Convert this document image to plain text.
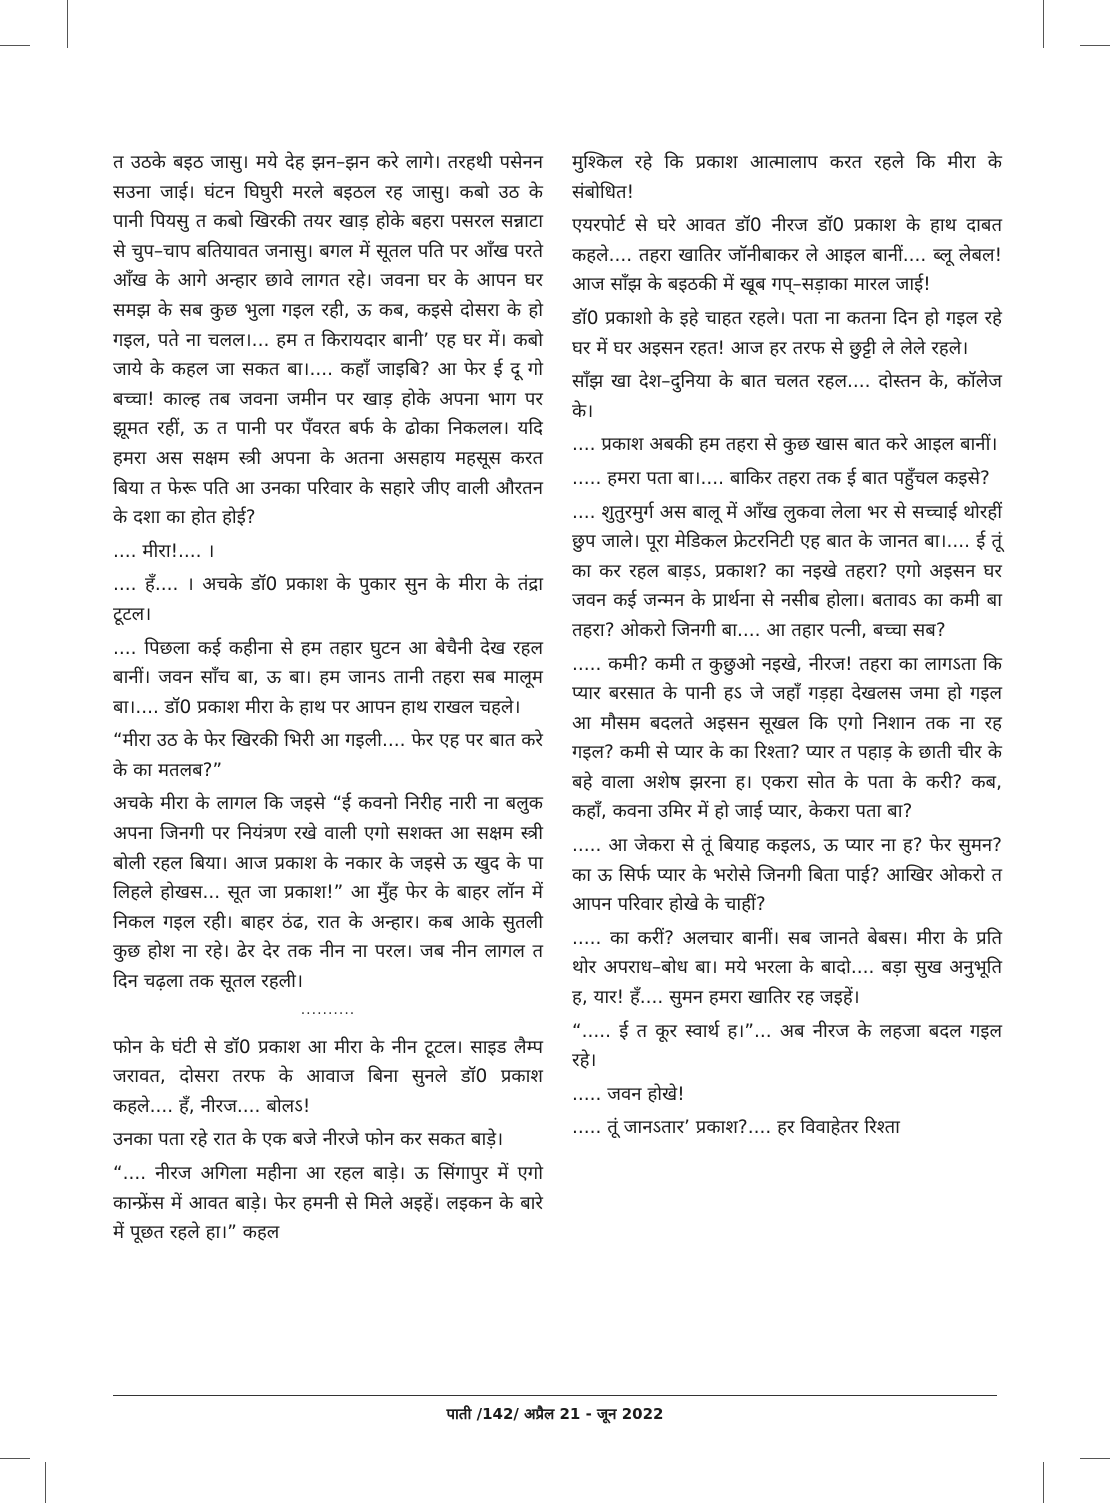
त उठके बइठ जासु। मये देह झन–झन करे लागे। तरहथी पसेनन सउना जाई। घंटन घिघुरी मरले बइठल रह जासु। कबो उठ के पानी पियसु त कबो खिरकी तयर खाड़ होके बहरा पसरल सन्नाटा से चुप–चाप बतियावत जनासु। बगल में सूतल पति पर आँख परते आँख के आगे अन्हार छावे लागत रहे। जवना घर के आपन घर समझ के सब कुछ भुला गइल रही, ऊ कब, कइसे दोसरा के हो गइल, पते ना चलल।... हम त किरायदार बानी’ एह घर में। कबो जाये के कहल जा सकत बा।.... कहाँ जाइबि? आ फेर ई दू गो बच्चा! काल्ह तब जवना जमीन पर खाड़ होके अपना भाग पर झूमत रहीं, ऊ त पानी पर पँवरत बर्फ के ढोका निकलल। यदि हमरा अस सक्षम स्त्री अपना के अतना असहाय महसूस करत बिया त फेरू पति आ उनका परिवार के सहारे जीए वाली औरतन के दशा का होत होई?

.... मीरा!.... ।

.... हँ.... । अचके डॉ0 प्रकाश के पुकार सुन के मीरा के तंद्रा टूटल।

.... पिछला कई कहीना से हम तहार घुटन आ बेचैनी देख रहल बानीं। जवन साँच बा, ऊ बा। हम जानऽ तानी तहरा सब मालूम बा।.... डॉ0 प्रकाश मीरा के हाथ पर आपन हाथ राखल चहले।

“मीरा उठ के फेर खिरकी भिरी आ गइली.... फेर एह पर बात करे के का मतलब?”

अचके मीरा के लागल कि जइसे “ई कवनो निरीह नारी ना बलुक अपना जिनगी पर नियंत्रण रखे वाली एगो सशक्त आ सक्षम स्त्री बोली रहल बिया। आज प्रकाश के नकार के जइसे ऊ खुद के पा लिहले होखस... सूत जा प्रकाश!” आ मुँह फेर के बाहर लॉन में निकल गइल रही। बाहर ठंढ, रात के अन्हार। कब आके सुतली कुछ होश ना रहे। ढेर देर तक नीन ना परल। जब नीन लागल त दिन चढ़ला तक सूतल रहली।

..........

फोन के घंटी से डॉ0 प्रकाश आ मीरा के नीन टूटल। साइड लैम्प जरावत, दोसरा तरफ के आवाज बिना सुनले डॉ0 प्रकाश कहले.... हँ, नीरज.... बोलऽ!

उनका पता रहे रात के एक बजे नीरजे फोन कर सकत बाड़े।

“.... नीरज अगिला महीना आ रहल बाड़े। ऊ सिंगापुर में एगो कान्फ्रेंस में आवत बाड़े। फेर हमनी से मिले अइहें। लइकन के बारे में पूछत रहले हा।” कहल

मुश्किल रहे कि प्रकाश आत्मालाप करत रहले कि मीरा के संबोधित!

एयरपोर्ट से घरे आवत डॉ0 नीरज डॉ0 प्रकाश के हाथ दाबत कहले.... तहरा खातिर जॉनीबाकर ले आइल बानीं.... ब्लू लेबल! आज साँझ के बइठकी में खूब गप्–सड़ाका मारल जाई!

डॉ0 प्रकाशो के इहे चाहत रहले। पता ना कतना दिन हो गइल रहे घर में घर अइसन रहत! आज हर तरफ से छुट्टी ले लेले रहले।

साँझ खा देश–दुनिया के बात चलत रहल.... दोस्तन के, कॉलेज के।

.... प्रकाश अबकी हम तहरा से कुछ खास बात करे आइल बानीं।

..... हमरा पता बा।.... बाकिर तहरा तक ई बात पहुँचल कइसे?

.... शुतुरमुर्ग अस बालू में आँख लुकवा लेला भर से सच्चाई थोरहीं छुप जाले। पूरा मेडिकल फ्रेटरनिटी एह बात के जानत बा।.... ई तूं का कर रहल बाड़ऽ, प्रकाश? का नइखे तहरा? एगो अइसन घर जवन कई जन्मन के प्रार्थना से नसीब होला। बतावऽ का कमी बा तहरा? ओकरो जिनगी बा.... आ तहार पत्नी, बच्चा सब?

..... कमी? कमी त कुछुओ नइखे, नीरज! तहरा का लागऽता कि प्यार बरसात के पानी हऽ जे जहाँ गड़हा देखलस जमा हो गइल आ मौसम बदलते अइसन सूखल कि एगो निशान तक ना रह गइल? कमी से प्यार के का रिश्ता? प्यार त पहाड़ के छाती चीर के बहे वाला अशेष झरना ह। एकरा सोत के पता के करी? कब, कहाँ, कवना उमिर में हो जाई प्यार, केकरा पता बा?

..... आ जेकरा से तूं बियाह कइलऽ, ऊ प्यार ना ह? फेर सुमन? का ऊ सिर्फ प्यार के भरोसे जिनगी बिता पाई? आखिर ओकरो त आपन परिवार होखे के चाहीं?

..... का करीं? अलचार बानीं। सब जानते बेबस। मीरा के प्रति थोर अपराध–बोध बा। मये भरला के बादो.... बड़ा सुख अनुभूति ह, यार! हँ.... सुमन हमरा खातिर रह जइहें।

“..... ई त कूर स्वार्थ ह।”... अब नीरज के लहजा बदल गइल रहे।

..... जवन होखे!

..... तूं जानऽतार’ प्रकाश?.... हर विवाहेतर रिश्ता

पाती /142/ अप्रैल 21 - जून 2022
